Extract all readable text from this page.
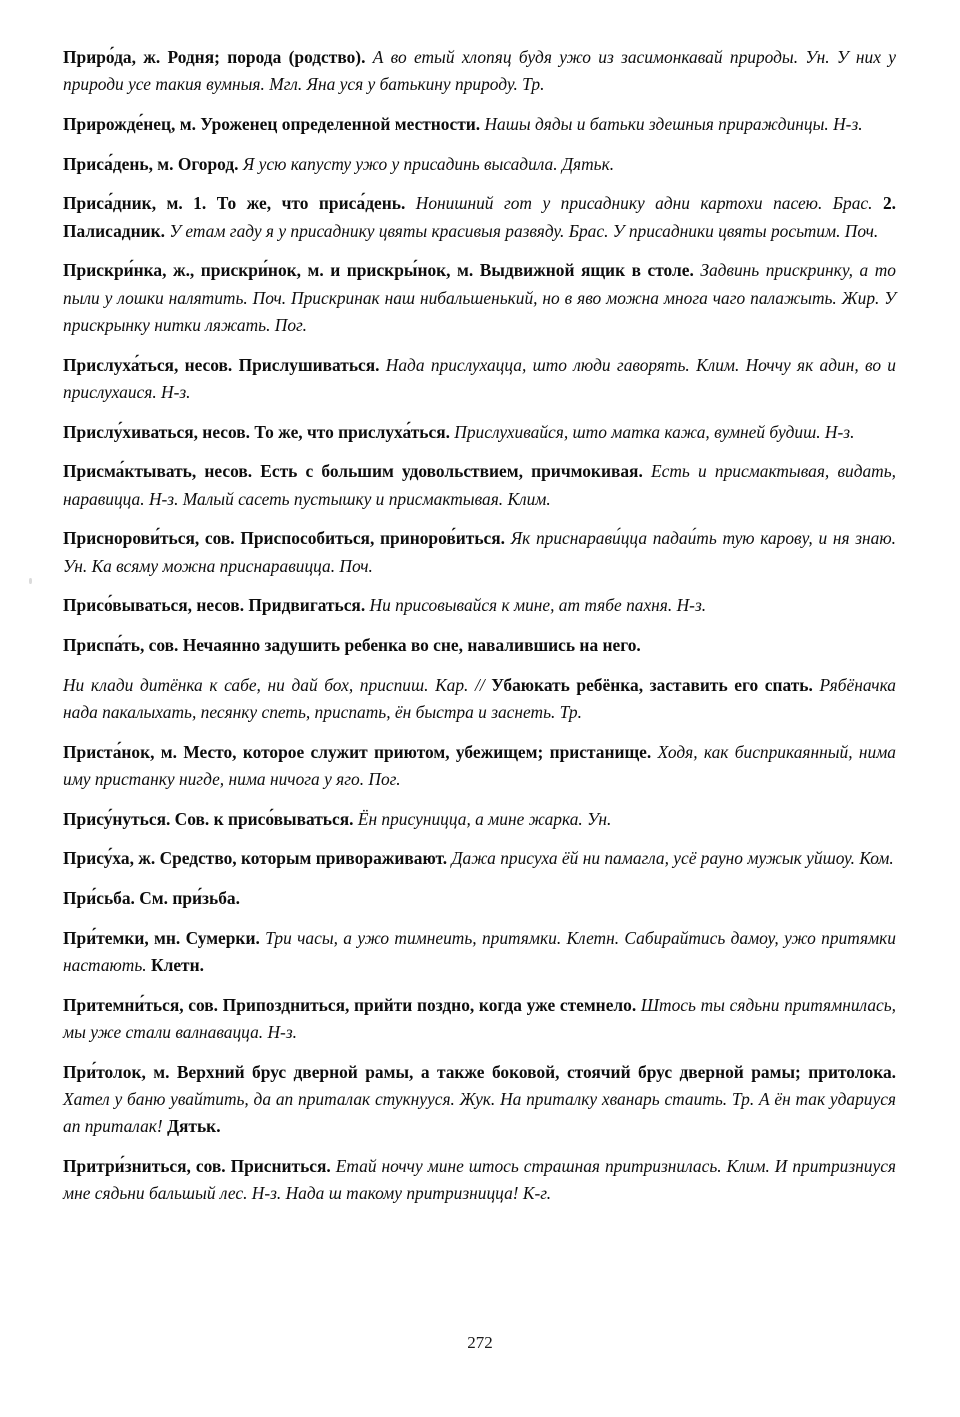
Приро́да, ж. Родня; порода (родство). А во етый хлопяц будя ужо из засимонкавай природы. Ун. У них у природи усе такия вумныя. Мгл. Яна уся у батькину природу. Тр.

Прирожде́нец, м. Уроженец определенной местности. Нашы дяды и батьки здешныя прираждинцы. Н-з.

Приса́день, м. Огород. Я усю капусту ужо у присадинь высадила. Дятьк.

Приса́дник, м. 1. То же, что приса́день. Нонишний гот у присаднику адни картохи пасею. Брас. 2. Палисадник. У етам гаду я у присаднику цвяты красивыя развяду. Брас. У присадники цвяты росьтим. Поч.

Прискри́нка, ж., прискри́нок, м. и прискры́нок, м. Выдвижной ящик в столе. Задвинь прискринку, а то пыли у лошки налятить. Поч. Прискринак наш нибальшенький, но в яво можна многа чаго палажыть. Жир. У прискрынку нитки ляжать. Пог.

Прислуха́ться, несов. Прислушиваться. Нада прислухацца, што люди гаворять. Клим. Ноччу як адин, во и прислухаися. Н-з.

Прислу́хиваться, несов. То же, что прислуха́ться. Прислухивайся, што матка кажа, вумней будиш. Н-з.

Присма́ктывать, несов. Есть с большим удовольствием, причмокивая. Есть и присмактывая, видать, наравицца. Н-з. Малый сасеть пустышку и присмактывая. Клим.

Приснорови́ться, сов. Приспособиться, приноров́иться. Як приснарави́цца падаи́ть тую карову, и ня знаю. Ун. Ка всяму можна приснаравицца. Поч.

Присо́вываться, несов. Придвигаться. Ни присовывайся к мине, ат тябе пахня. Н-з.

Приспа́ть, сов. Нечаянно задушить ребенка во сне, навалившись на него.

Ни клади дитёнка к сабе, ни дай бох, приспиш. Кар. // Убаюкать ребёнка, заставить его спать. Рябёначка нада пакалыхать, песянку спеть, приспать, ён быстра и заснеть. Тр.

Приста́нок, м. Место, которое служит приютом, убежищем; пристанище. Ходя, как бисприкаянный, нима иму пристанку нигде, нима ничога у яго. Пог.

Прису́нуться. Сов. к присо́вываться. Ён присуницца, а мине жарка. Ун.

Прису́ха, ж. Средство, которым привораживают. Дажа присуха ёй ни памагла, усё рауно мужык уйшоу. Ком.

При́сьба. См. при́зьба.

При́темки, мн. Сумерки. Три часы, а ужо тимнеить, притямки. Клетн. Сабирайтись дамоу, ужо притямки настають. Клетн.

Притемни́ться, сов. Припоздниться, прийти поздно, когда уже стемнело. Штось ты сядьни притямнилась, мы уже стали валнавацца. Н-з.

При́толок, м. Верхний брус дверной рамы, а также боковой, стоячий брус дверной рамы; притолока. Хател у баню увайтить, да ап приталак стукнууся. Жук. На приталку хванарь стаить. Тр. А ён так удариуся ап приталак! Дятьк.

Притри́зниться, сов. Присниться. Етай ноччу мине штось страшная притризнилась. Клим. И притризниуся мне сядьни бальшый лес. Н-з. Нада ш такому притризницца! К-г.

272
